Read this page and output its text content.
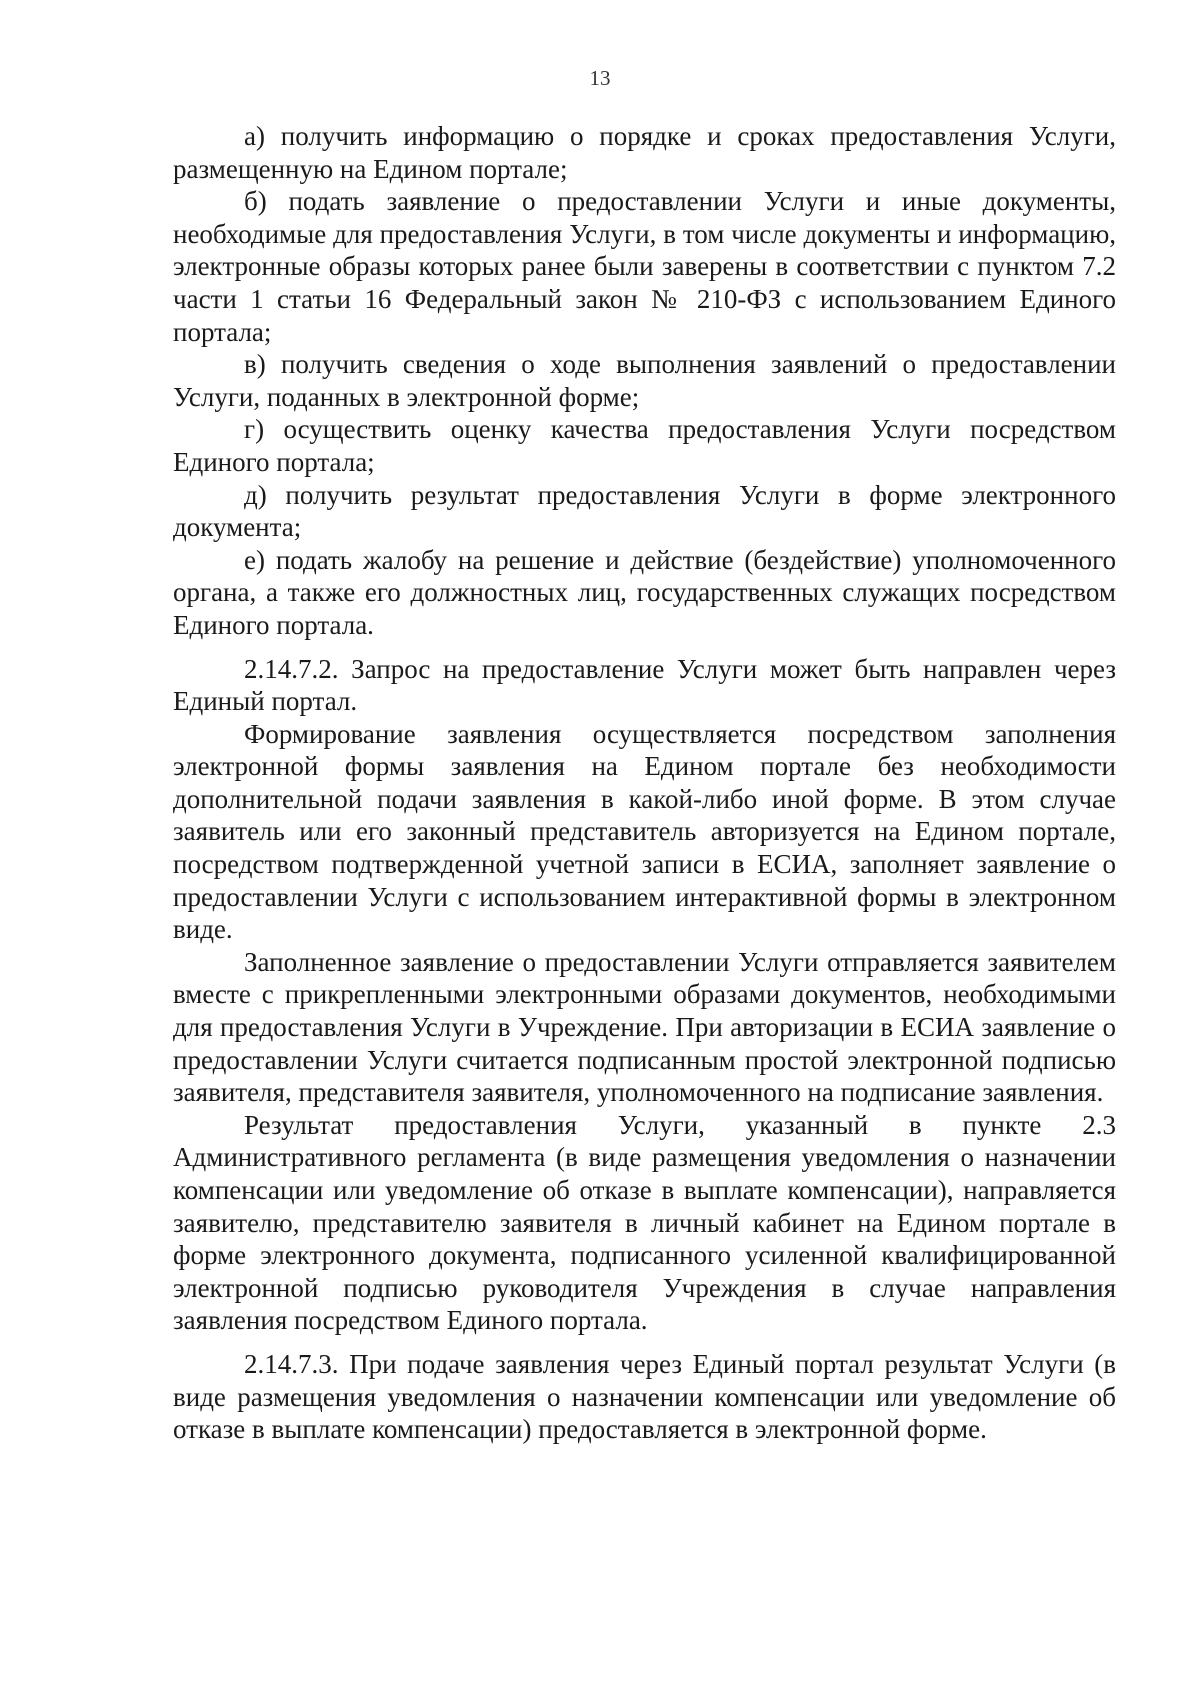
13

а) получить информацию о порядке и сроках предоставления Услуги, размещенную на Едином портале;

б) подать заявление о предоставлении Услуги и иные документы, необходимые для предоставления Услуги, в том числе документы и информацию, электронные образы которых ранее были заверены в соответствии с пунктом 7.2 части 1 статьи 16 Федеральный закон № 210-ФЗ с использованием Единого портала;

в) получить сведения о ходе выполнения заявлений о предоставлении Услуги, поданных в электронной форме;

г) осуществить оценку качества предоставления Услуги посредством Единого портала;

д) получить результат предоставления Услуги в форме электронного документа;

е) подать жалобу на решение и действие (бездействие) уполномоченного органа, а также его должностных лиц, государственных служащих посредством Единого портала.

2.14.7.2. Запрос на предоставление Услуги может быть направлен через Единый портал.

Формирование заявления осуществляется посредством заполнения электронной формы заявления на Едином портале без необходимости дополнительной подачи заявления в какой-либо иной форме. В этом случае заявитель или его законный представитель авторизуется на Едином портале, посредством подтвержденной учетной записи в ЕСИА, заполняет заявление о предоставлении Услуги с использованием интерактивной формы в электронном виде.

Заполненное заявление о предоставлении Услуги отправляется заявителем вместе с прикрепленными электронными образами документов, необходимыми для предоставления Услуги в Учреждение. При авторизации в ЕСИА заявление о предоставлении Услуги считается подписанным простой электронной подписью заявителя, представителя заявителя, уполномоченного на подписание заявления.

Результат предоставления Услуги, указанный в пункте 2.3 Административного регламента (в виде размещения уведомления о назначении компенсации или уведомление об отказе в выплате компенсации), направляется заявителю, представителю заявителя в личный кабинет на Едином портале в форме электронного документа, подписанного усиленной квалифицированной электронной подписью руководителя Учреждения в случае направления заявления посредством Единого портала.

2.14.7.3. При подаче заявления через Единый портал результат Услуги (в виде размещения уведомления о назначении компенсации или уведомление об отказе в выплате компенсации) предоставляется в электронной форме.
